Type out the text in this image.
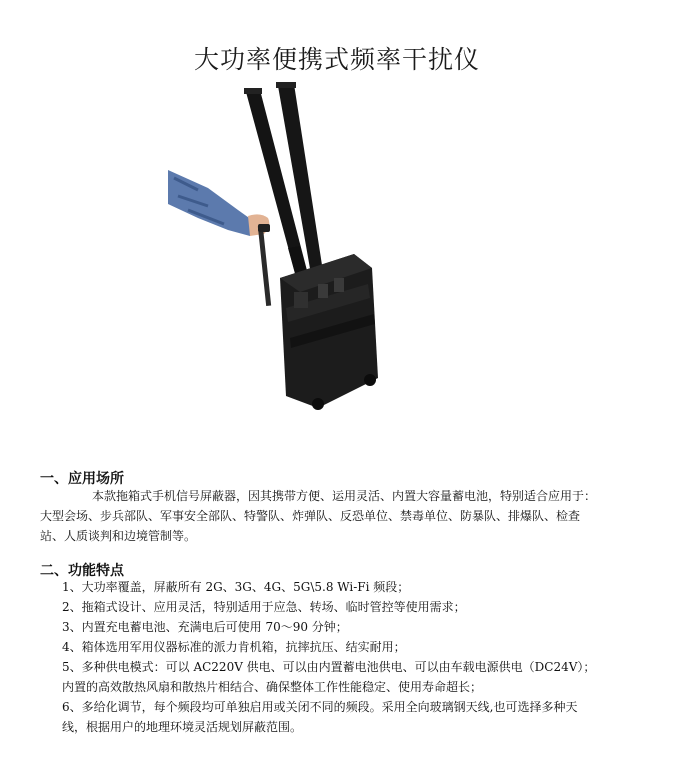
大功率便携式频率干扰仪
一、应用场所
本款拖箱式手机信号屏蔽器，因其携带方便、运用灵活、内置大容量蓄电池，特别适合应用于：
大型会场、步兵部队、军事安全部队、特警队、炸弹队、反恐单位、禁毒单位、防暴队、排爆队、检查
站、人质谈判和边境管制等。
二、功能特点
1、大功率覆盖，屏蔽所有 2G、3G、4G、5G\5.8 Wi-Fi 频段；
2、拖箱式设计、应用灵活，特别适用于应急、转场、临时管控等使用需求；
3、内置充电蓄电池、充满电后可使用 70～90 分钟；
4、箱体选用军用仪器标准的派力肯机箱，抗摔抗压、结实耐用；
5、多种供电模式：可以 AC220V 供电、可以由内置蓄电池供电、可以由车载电源供电（DC24V）；
内置的高效散热风扇和散热片相结合、确保整体工作性能稳定、使用寿命超长；
6、多给化调节，每个频段均可单独启用或关闭不同的频段。采用全向玻璃钢天线,也可选择多种天
线，根据用户的地理环境灵活规划屏蔽范围。
